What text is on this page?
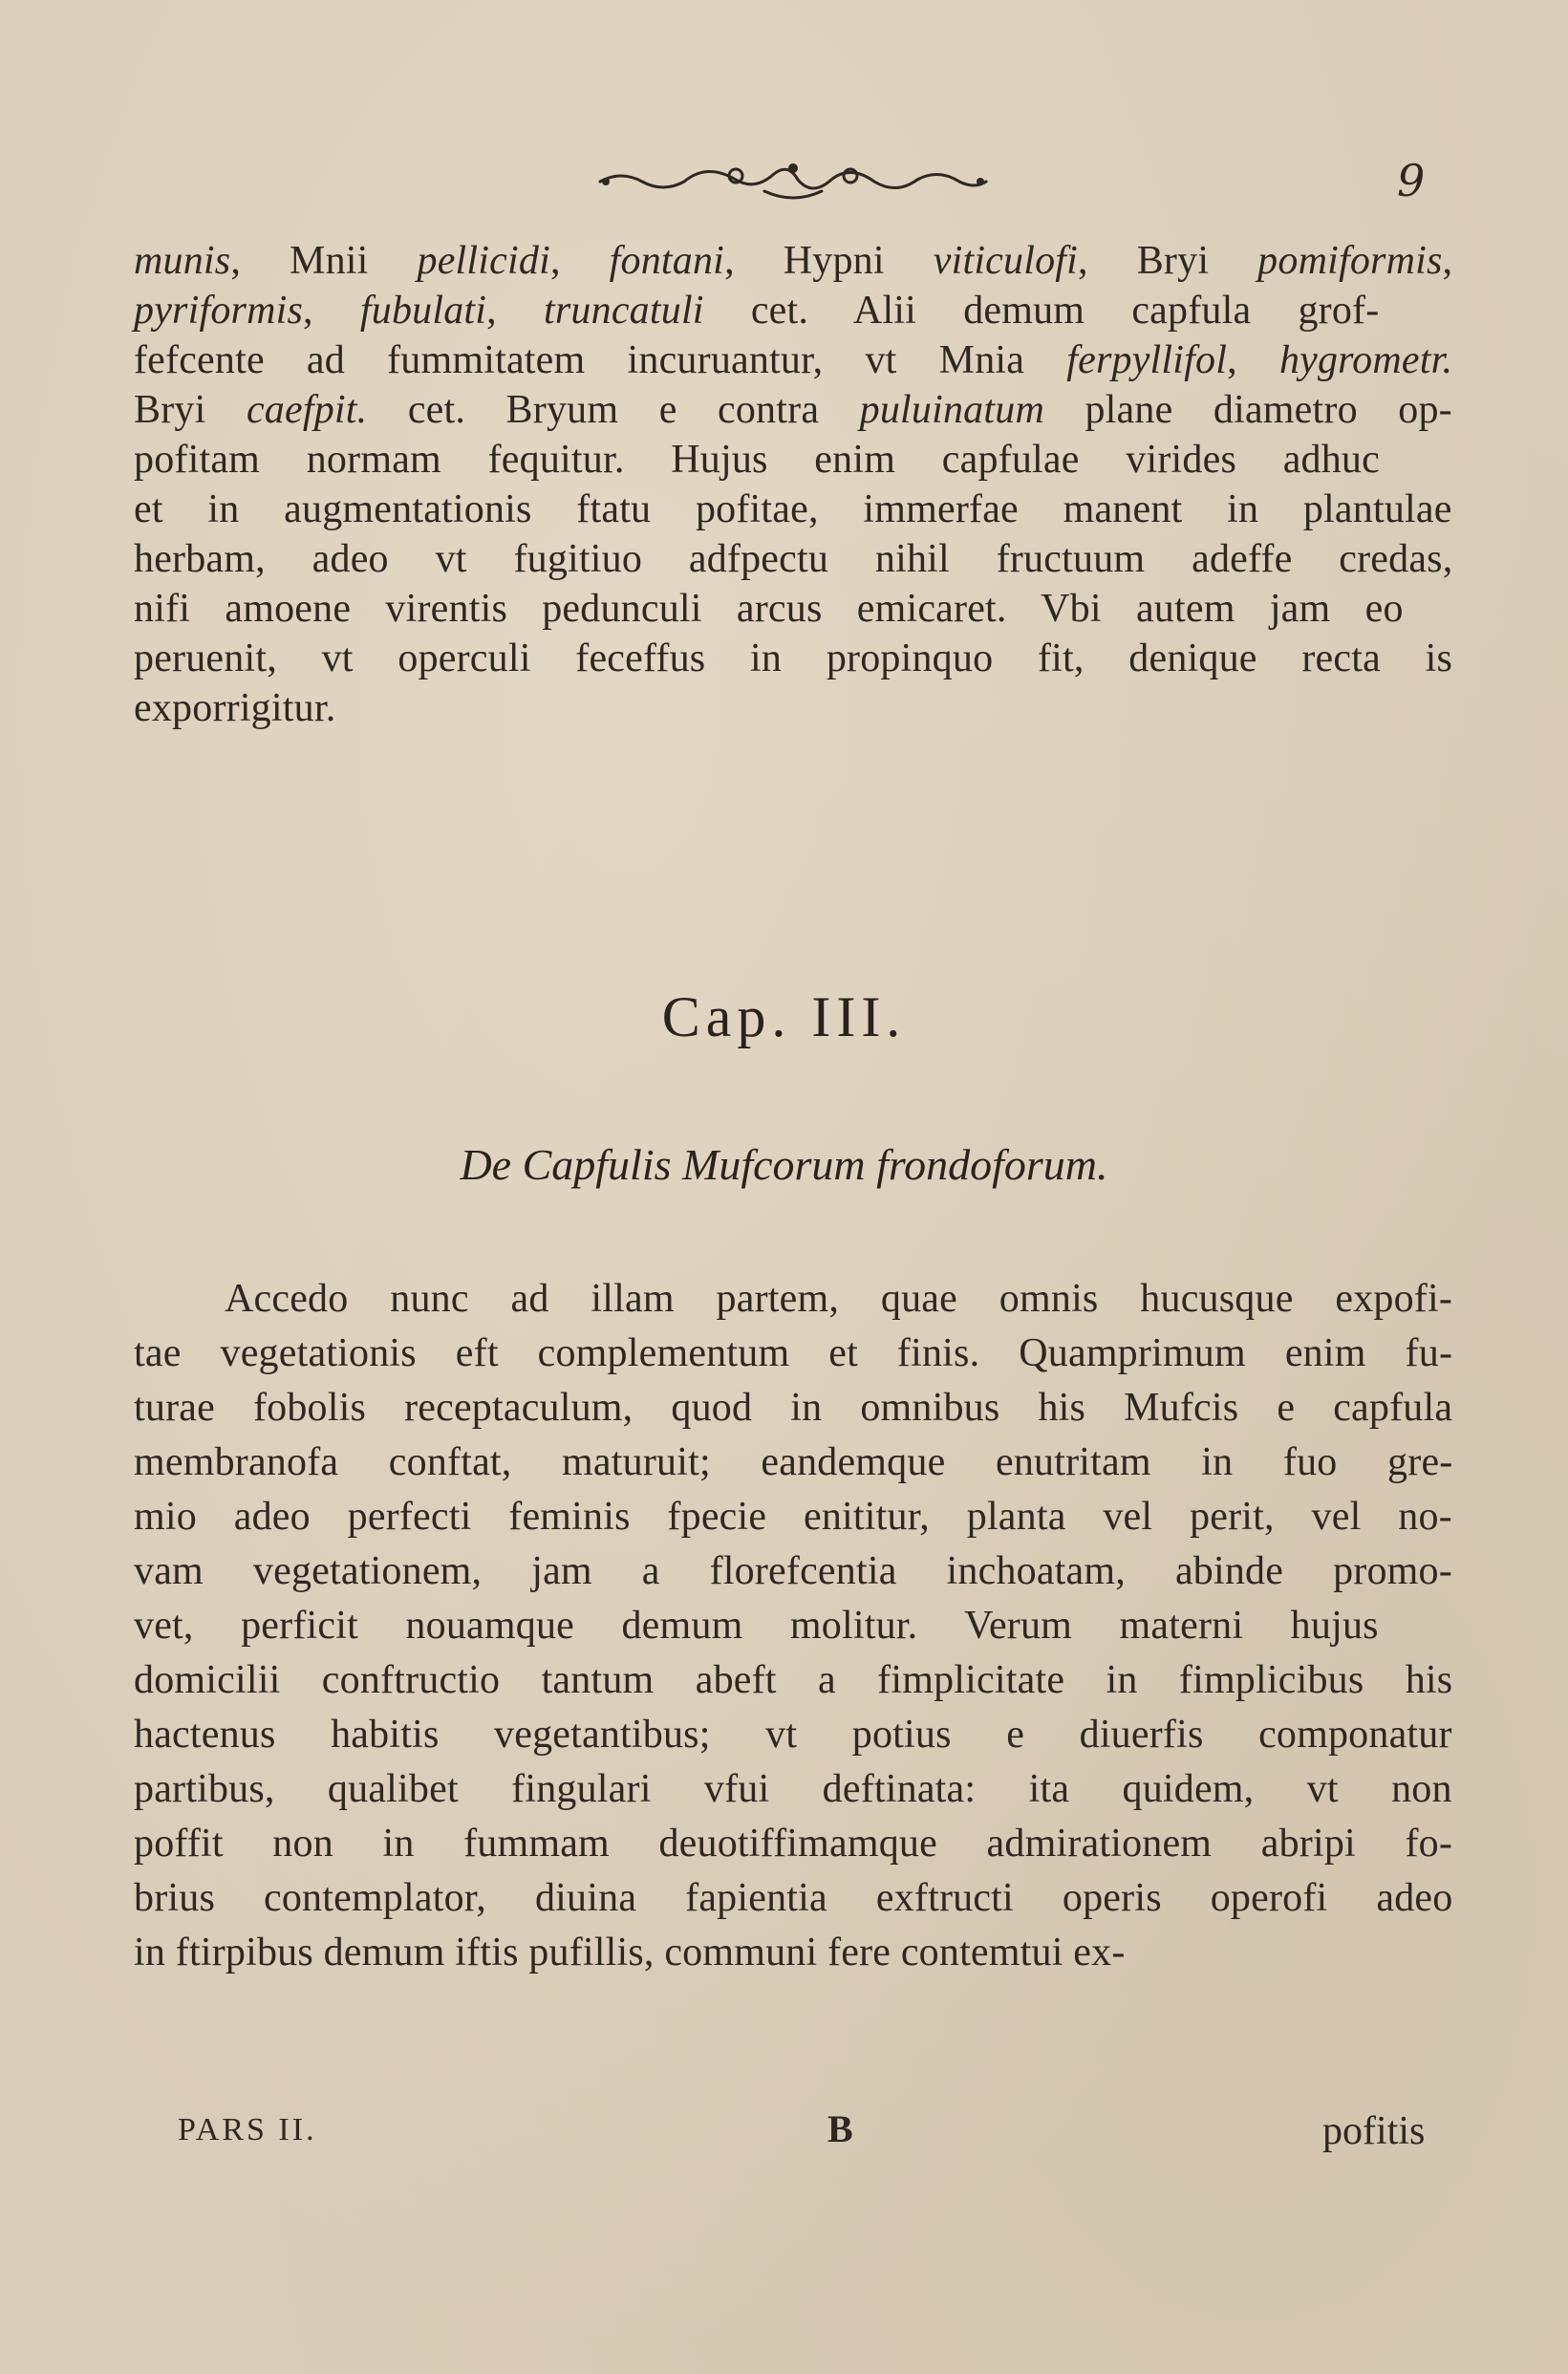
9
munis, Mnii pellicidi, fontani, Hypni viticulofi, Bryi pomiformis,
pyriformis, fubulati, truncatuli cet. Alii demum capfula grof-
fefcente ad fummitatem incuruantur, vt Mnia ferpyllifol, hygrometr.
Bryi caefpit. cet. Bryum e contra puluinatum plane diametro op-
pofitam normam fequitur. Hujus enim capfulae virides adhuc
et in augmentationis ftatu pofitae, immerfae manent in plantulae
herbam, adeo vt fugitiuo adfpectu nihil fructuum adeffe credas,
nifi amoene virentis pedunculi arcus emicaret. Vbi autem jam eo
peruenit, vt operculi feceffus in propinquo fit, denique recta is
exporrigitur.
Cap. III.
De Capfulis Mufcorum frondoforum.
Accedo nunc ad illam partem, quae omnis hucusque expofi-
tae vegetationis eft complementum et finis. Quamprimum enim fu-
turae fobolis receptaculum, quod in omnibus his Mufcis e capfula
membranofa conftat, maturuit; eandemque enutritam in fuo gre-
mio adeo perfecti feminis fpecie enititur, planta vel perit, vel no-
vam vegetationem, jam a florefcentia inchoatam, abinde promo-
vet, perficit nouamque demum molitur. Verum materni hujus
domicilii conftructio tantum abeft a fimplicitate in fimplicibus his
hactenus habitis vegetantibus; vt potius e diuerfis componatur
partibus, qualibet fingulari vfui deftinata: ita quidem, vt non
poffit non in fummam deuotiffimamque admirationem abripi fo-
brius contemplator, diuina fapientia exftructi operis operofi adeo
in ftirpibus demum iftis pufillis, communi fere contemtui ex-
PARS II.	B	pofitis
